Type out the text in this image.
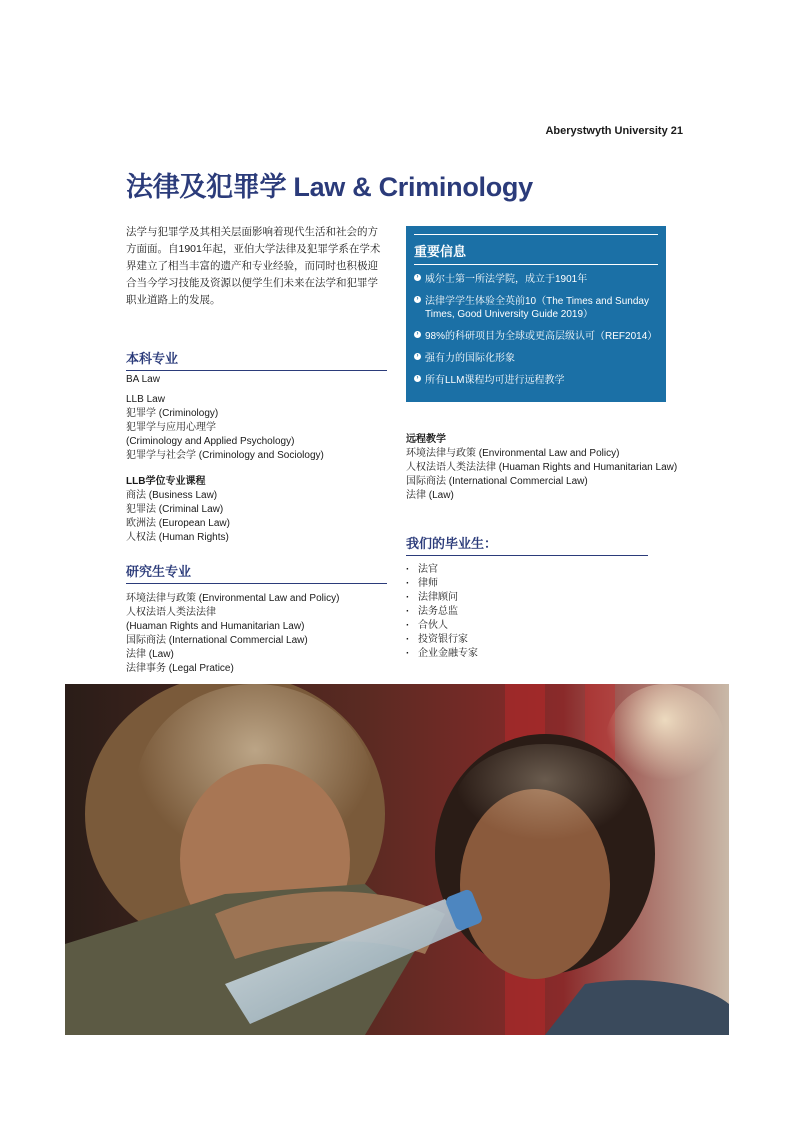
Aberystwyth University 21
法律及犯罪学 Law & Criminology
法学与犯罪学及其相关层面影响着现代生活和社会的方方面面。自1901年起，亚伯大学法律及犯罪学系在学术界建立了相当丰富的遗产和专业经验，而同时也积极迎合当今学习技能及资源以便学生们未来在法学和犯罪学职业道路上的发展。
本科专业
BA Law
LLB Law
犯罪学 (Criminology)
犯罪学与应用心理学
(Criminology and Applied Psychology)
犯罪学与社会学 (Criminology and Sociology)
LLB学位专业课程
商法 (Business Law)
犯罪法 (Criminal Law)
欧洲法 (European Law)
人权法 (Human Rights)
研究生专业
环境法律与政策 (Environmental Law and Policy)
人权法语人类法法律
(Huaman Rights and Humanitarian Law)
国际商法 (International Commercial Law)
法律 (Law)
法律事务 (Legal Pratice)
重要信息
› 威尔士第一所法学院，成立于1901年
› 法律学学生体验全英前10（The Times and Sunday Times, Good University Guide 2019）
› 98%的科研项目为全球或更高层级认可（REF2014）
› 强有力的国际化形象
› 所有LLM课程均可进行远程教学
远程教学
环境法律与政策 (Environmental Law and Policy)
人权法语人类法法律 (Huaman Rights and Humanitarian Law)
国际商法 (International Commercial Law)
法律 (Law)
我们的毕业生：
· 法官
· 律师
· 法律顾问
· 法务总监
· 合伙人
· 投资银行家
· 企业金融专家
